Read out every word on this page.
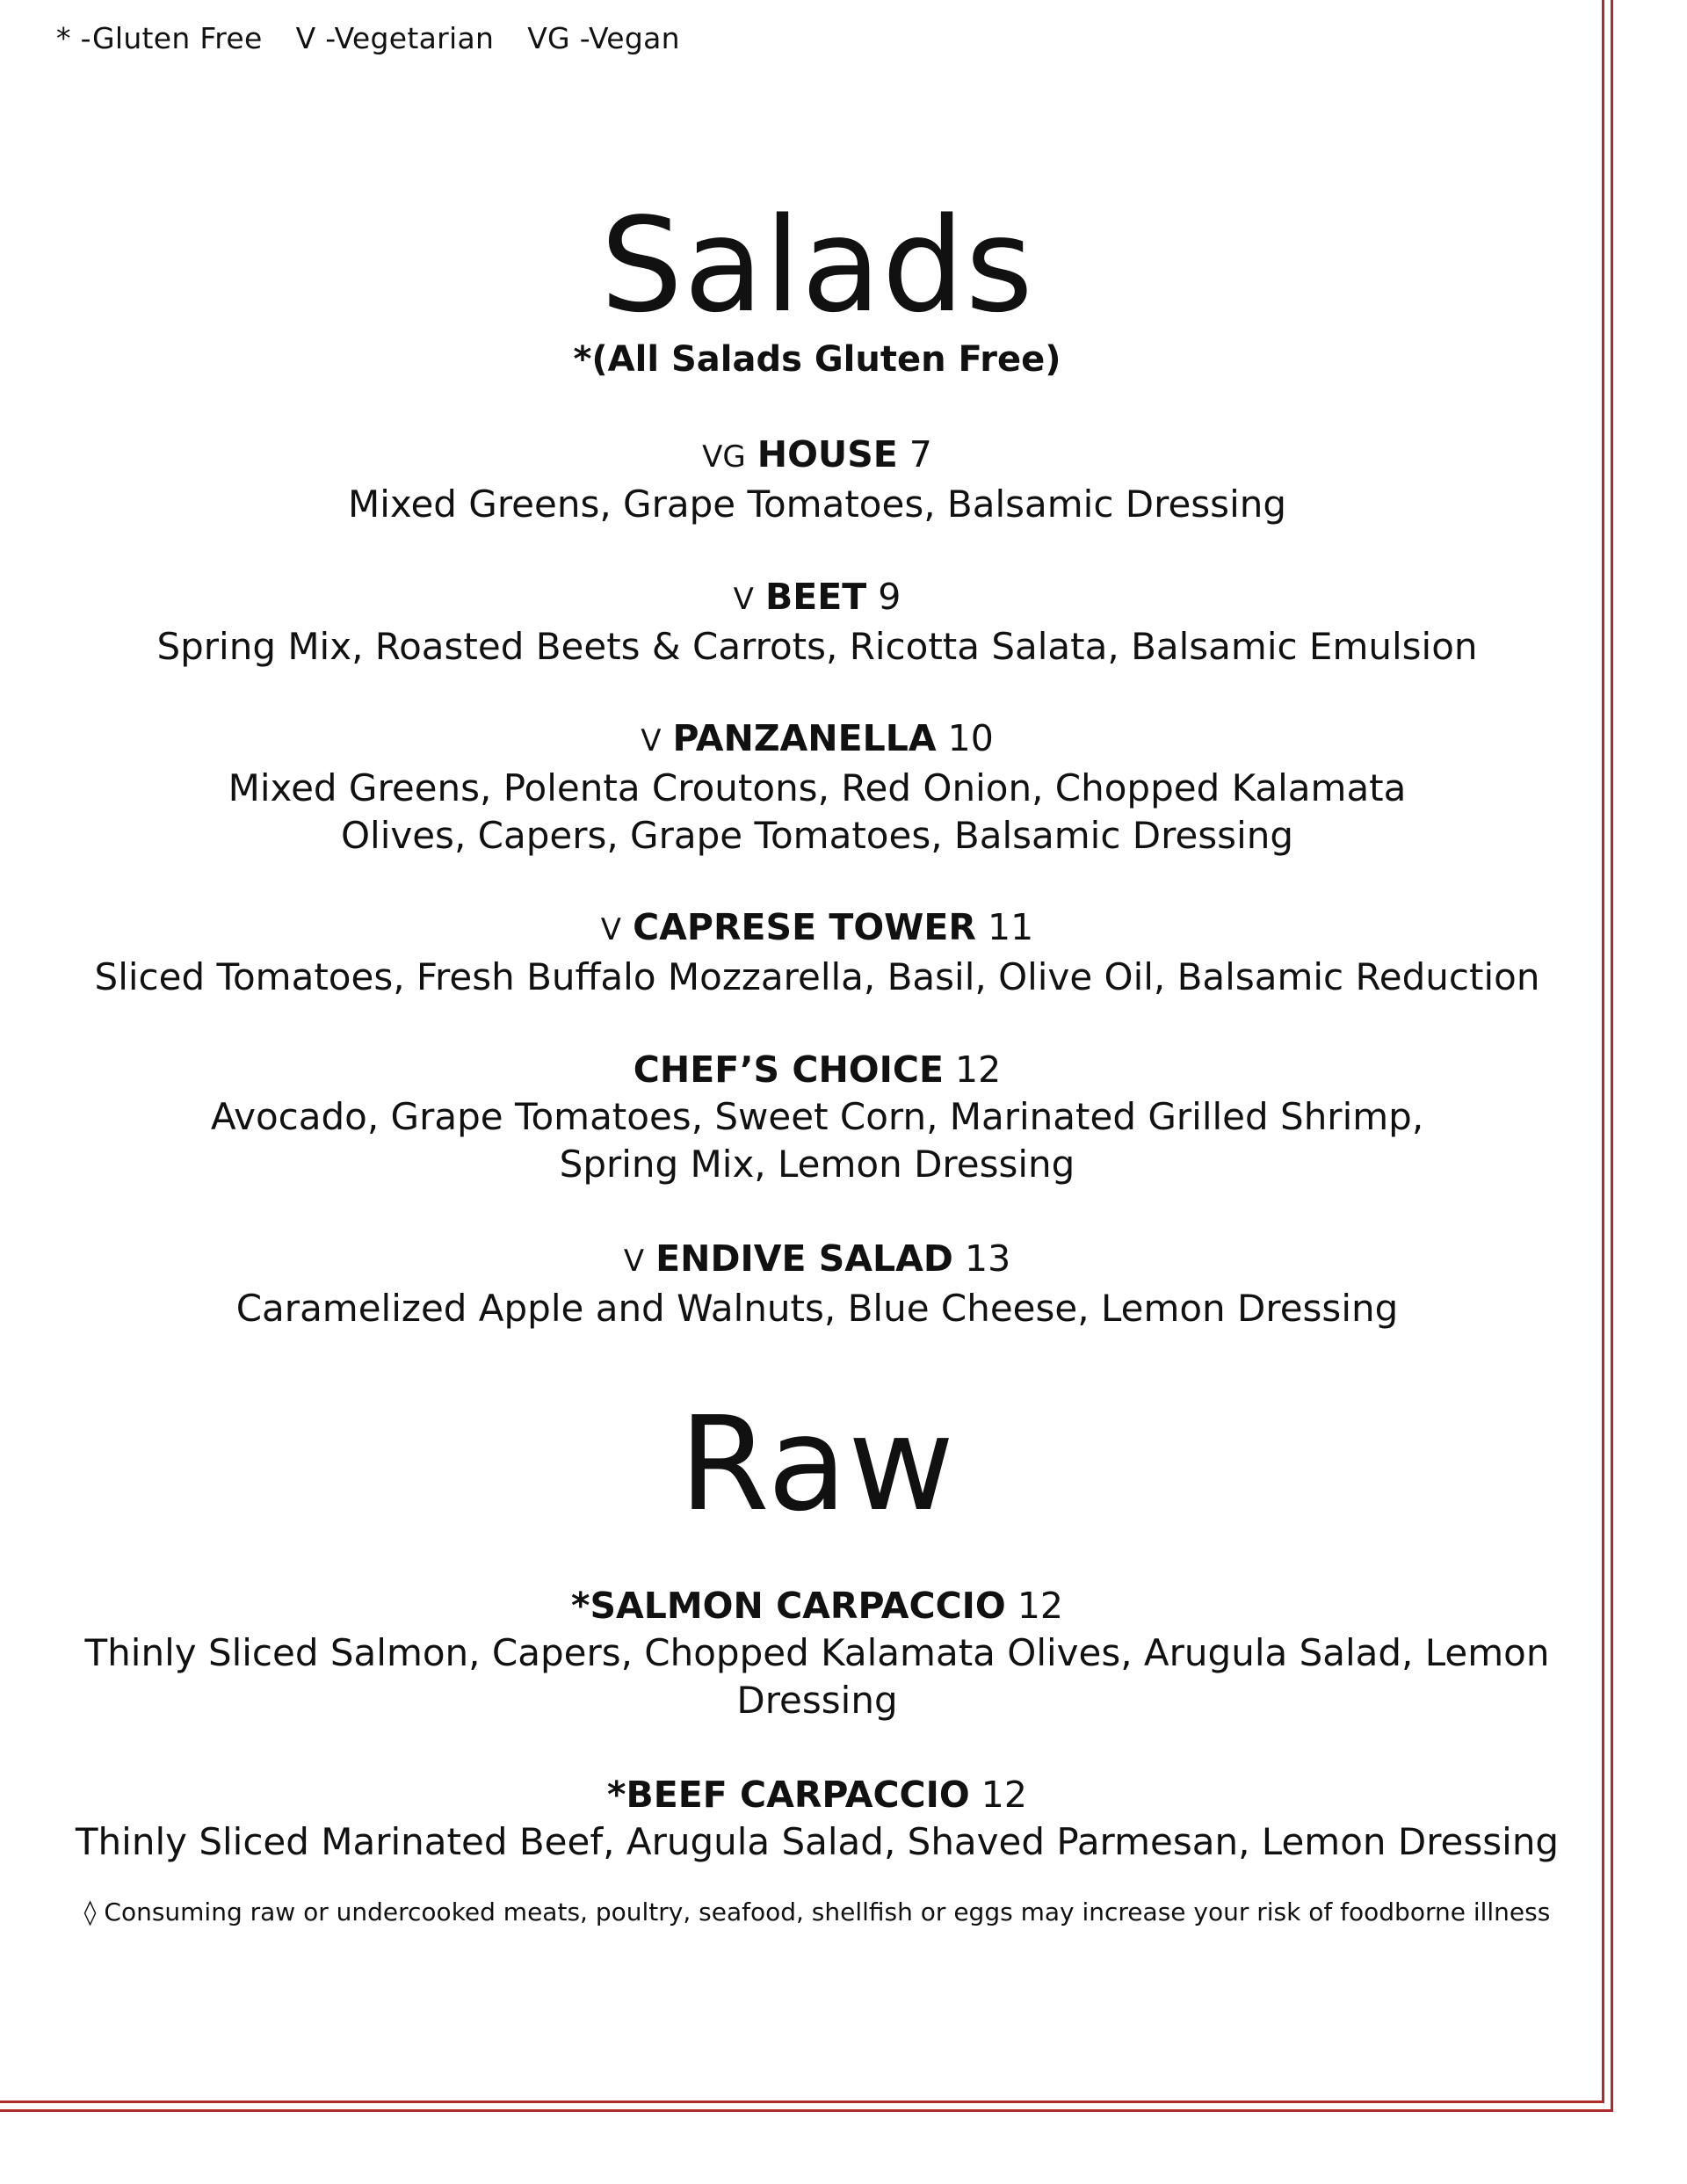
* -Gluten Free V -Vegetarian VG -Vegan
Salads
*(All Salads Gluten Free)
VG HOUSE 7
Mixed Greens, Grape Tomatoes, Balsamic Dressing
V BEET 9
Spring Mix, Roasted Beets & Carrots, Ricotta Salata, Balsamic Emulsion
V PANZANELLA 10
Mixed Greens, Polenta Croutons, Red Onion, Chopped Kalamata
Olives, Capers, Grape Tomatoes, Balsamic Dressing
V CAPRESE TOWER 11
Sliced Tomatoes, Fresh Buffalo Mozzarella, Basil, Olive Oil, Balsamic Reduction
CHEF’S CHOICE 12
Avocado, Grape Tomatoes, Sweet Corn, Marinated Grilled Shrimp,
Spring Mix, Lemon Dressing
V ENDIVE SALAD 13
Caramelized Apple and Walnuts, Blue Cheese, Lemon Dressing
Raw
*SALMON CARPACCIO 12
Thinly Sliced Salmon, Capers, Chopped Kalamata Olives, Arugula Salad, Lemon
Dressing
*BEEF CARPACCIO 12
Thinly Sliced Marinated Beef, Arugula Salad, Shaved Parmesan, Lemon Dressing
◊ Consuming raw or undercooked meats, poultry, seafood, shellfish or eggs may increase your risk of foodborne illness
